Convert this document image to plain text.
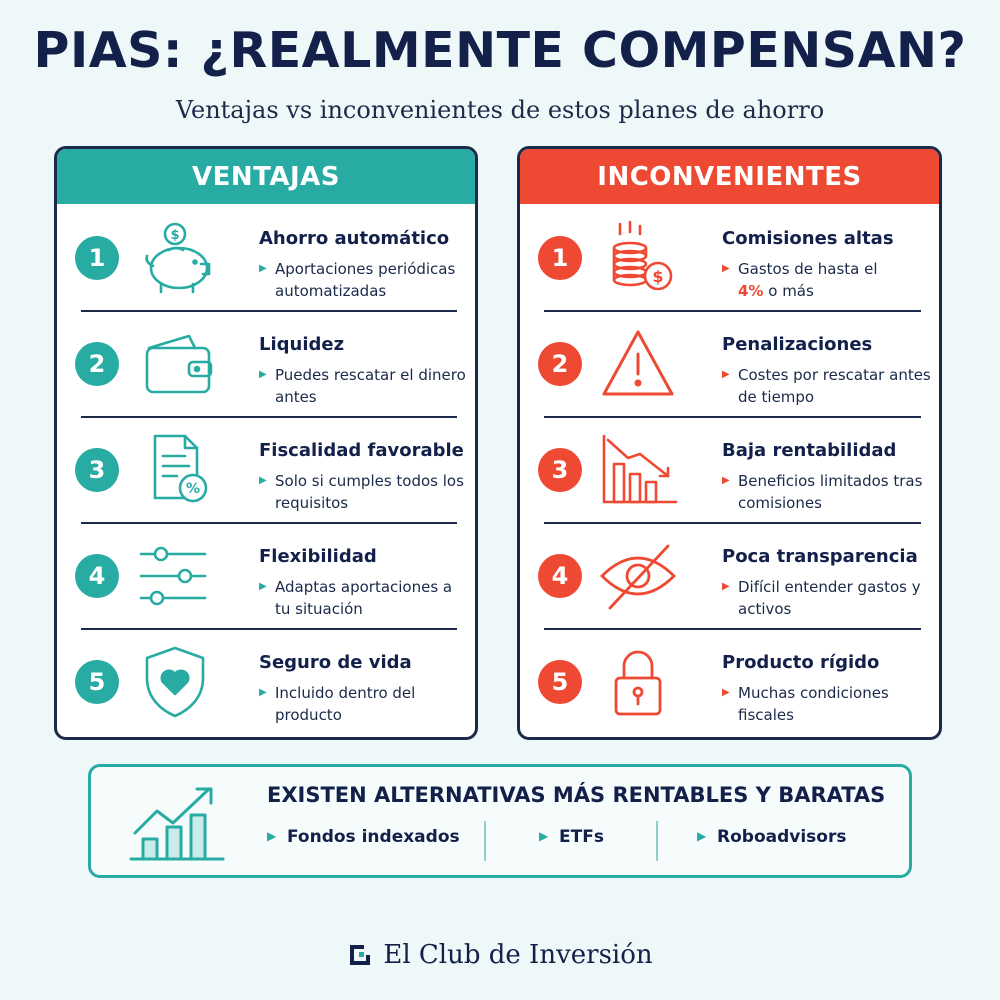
PIAS: ¿REALMENTE COMPENSAN?
Ventajas vs inconvenientes de estos planes de ahorro
VENTAJAS
1
$	Ahorro automático
▶ Aportaciones periódicas automatizadas
2
Liquidez
▶ Puedes rescatar el dinero antes
3
%
Fiscalidad favorable
▶ Solo si cumples todos los requisitos
4
Flexibilidad
▶ Adaptas aportaciones a tu situación
5
Seguro de vida
▶ Incluido dentro del producto
INCONVENIENTES
1
$
Comisiones altas
▶ Gastos de hasta el
4% o más
2
Penalizaciones
▶ Costes por rescatar antes de tiempo
3
Baja rentabilidad
▶ Beneficios limitados tras comisiones
4
Poca transparencia
▶ Difícil entender gastos y activos
5
Producto rígido
▶ Muchas condiciones fiscales
EXISTEN ALTERNATIVAS MÁS RENTABLES Y BARATAS
▶ Fondos indexados	▶ ETFs	▶ Roboadvisors
El Club de Inversión
